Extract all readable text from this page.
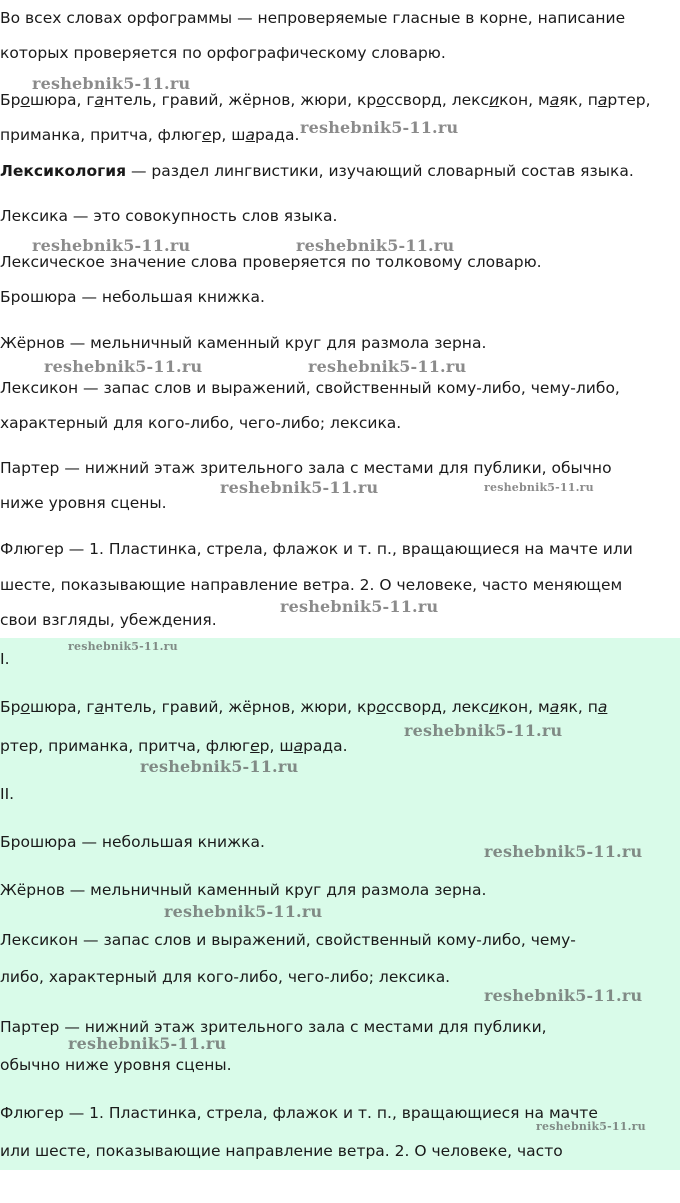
Во всех словах орфограммы — непроверяемые гласные в корне, написание

которых проверяется по орфографическому словарю.

Брошюра, гантель, гравий, жёрнов, жюри, кроссворд, лексикон, маяк, партер,

приманка, притча, флюгер, шарада.

Лексикология — раздел лингвистики, изучающий словарный состав языка.

Лексика — это совокупность слов языка.

Лексическое значение слова проверяется по толковому словарю.

Брошюра — небольшая книжка.

Жёрнов — мельничный каменный круг для размола зерна.

Лексикон — запас слов и выражений, свойственный кому-либо, чему-либо,

характерный для кого-либо, чего-либо; лексика.

Партер — нижний этаж зрительного зала с местами для публики, обычно

ниже уровня сцены.

Флюгер — 1. Пластинка, стрела, флажок и т. п., вращающиеся на мачте или

шесте, показывающие направление ветра. 2. О человеке, часто меняющем

свои взгляды, убеждения.

I.

Брошюра, гантель, гравий, жёрнов, жюри, кроссворд, лексикон, маяк, па

ртер, приманка, притча, флюгер, шарада.

II.

Брошюра — небольшая книжка.

Жёрнов — мельничный каменный круг для размола зерна.

Лексикон — запас слов и выражений, свойственный кому-либо, чему-

либо, характерный для кого-либо, чего-либо; лексика.

Партер — нижний этаж зрительного зала с местами для публики,

обычно ниже уровня сцены.

Флюгер — 1. Пластинка, стрела, флажок и т. п., вращающиеся на мачте

или шесте, показывающие направление ветра. 2. О человеке, часто

reshebnik5-11.ru
reshebnik5-11.ru
reshebnik5-11.ru	reshebnik5-11.ru
reshebnik5-11.ru	reshebnik5-11.ru
reshebnik5-11.ru	reshebnik5-11.ru
reshebnik5-11.ru
reshebnik5-11.ru
reshebnik5-11.ru
reshebnik5-11.ru
reshebnik5-11.ru
reshebnik5-11.ru
reshebnik5-11.ru
reshebnik5-11.ru
reshebnik5-11.ru
